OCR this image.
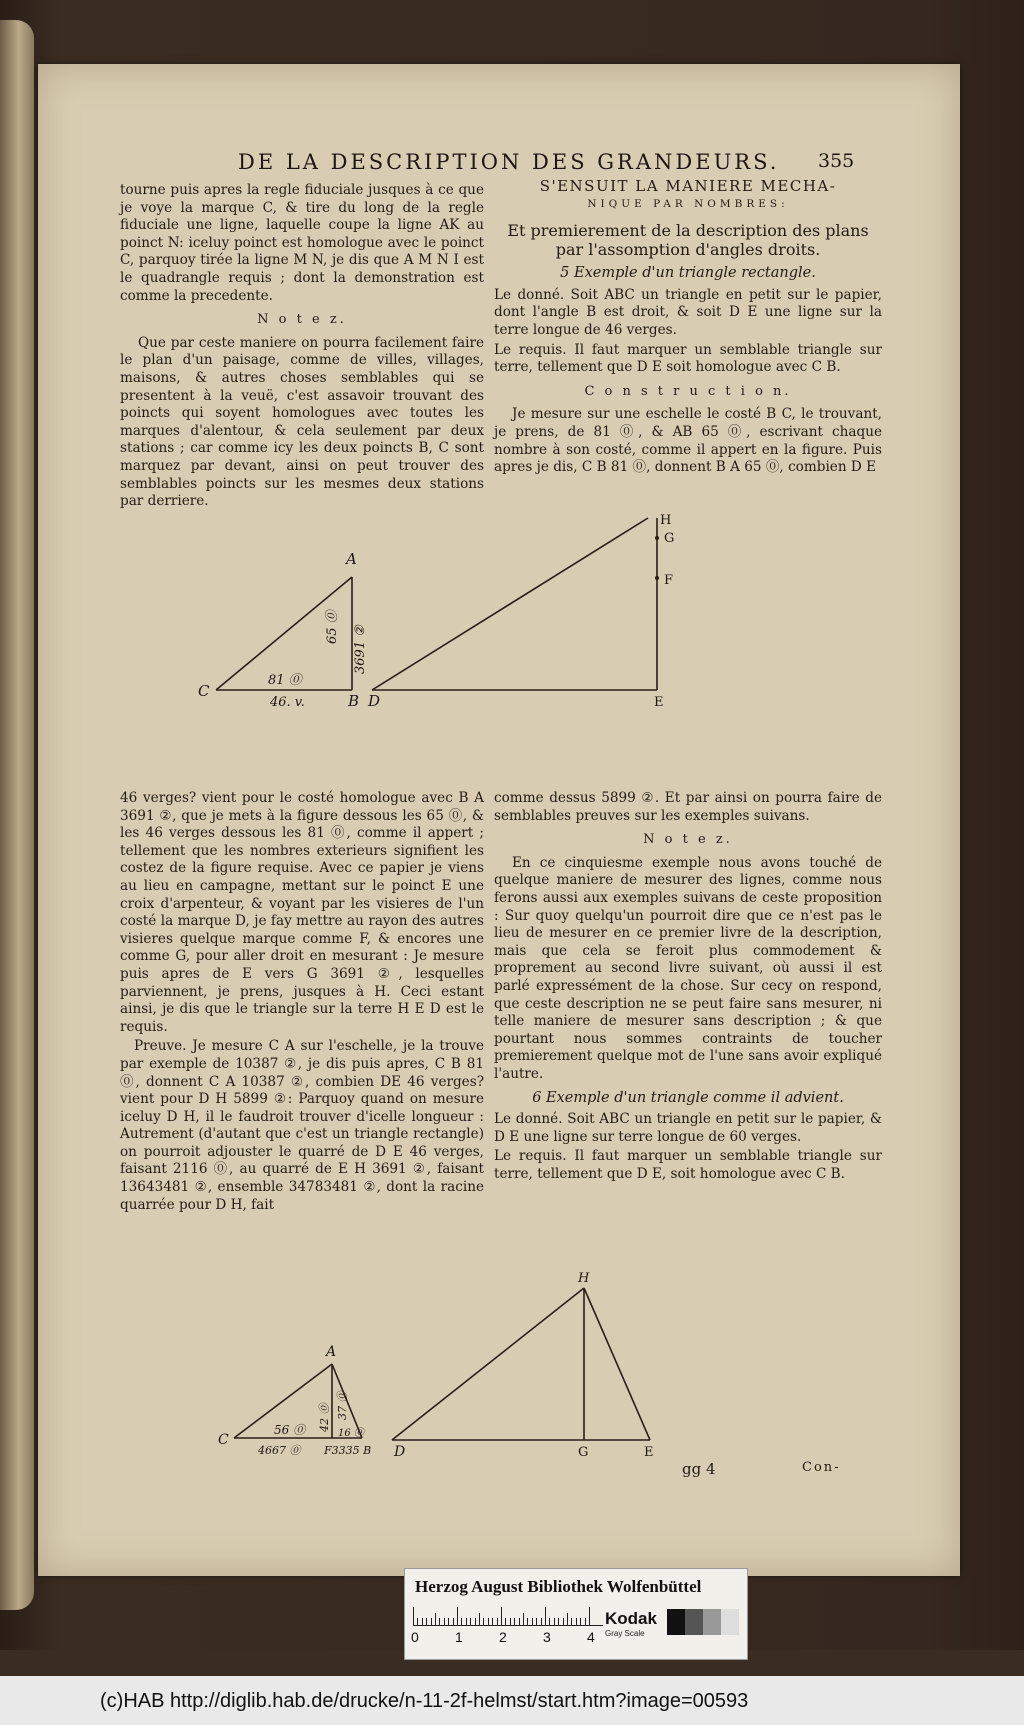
DE LA DESCRIPTION DES GRANDEURS. 355

tourne puis apres la regle fiduciale jusques à ce que je voye la marque C, & tire du long de la regle fiduciale une ligne, laquelle coupe la ligne AK au poinct N: iceluy poinct est homologue avec le poinct C, parquoy tirée la ligne M N, je dis que A M N I est le quadrangle requis ; dont la demonstration est comme la precedente.

N o t e z.

Que par ceste maniere on pourra facilement faire le plan d'un paisage, comme de villes, villages, maisons, & autres choses semblables qui se presentent à la veuë, c'est assavoir trouvant des poincts qui soyent homologues avec toutes les marques d'alentour, & cela seulement par deux stations ; car comme icy les deux poincts B, C sont marquez par devant, ainsi on peut trouver des semblables poincts sur les mesmes deux stations par derriere.

S'ENSUIT LA MANIERE MECHA-

NIQUE PAR NOMBRES:

Et premierement de la description des plans par l'assomption d'angles droits.

5 Exemple d'un triangle rectangle.

Le donné. Soit ABC un triangle en petit sur le papier, dont l'angle B est droit, & soit D E une ligne sur la terre longue de 46 verges.

Le requis. Il faut marquer un semblable triangle sur terre, tellement que D E soit homologue avec C B.

C o n s t r u c t i o n.

Je mesure sur une eschelle le costé B C, le trouvant, je prens, de 81 ⓪, & AB 65 ⓪, escrivant chaque nombre à son costé, comme il appert en la figure. Puis apres je dis, C B 81 ⓪, donnent B A 65 ⓪, combien D E

A
B
C
D	E
F
G
H
81 ⓪
65 ⓪ 3691 ②
46. v.

46 verges? vient pour le costé homologue avec B A 3691 ②, que je mets à la figure dessous les 65 ⓪, & les 46 verges dessous les 81 ⓪, comme il appert ; tellement que les nombres exterieurs signifient les costez de la figure requise. Avec ce papier je viens au lieu en campagne, mettant sur le poinct E une croix d'arpenteur, & voyant par les visieres de l'un costé la marque D, je fay mettre au rayon des autres visieres quelque marque comme F, & encores une comme G, pour aller droit en mesurant : Je mesure puis apres de E vers G 3691 ②, lesquelles parviennent, je prens, jusques à H. Ceci estant ainsi, je dis que le triangle sur la terre H E D est le requis.

Preuve. Je mesure C A sur l'eschelle, je la trouve par exemple de 10387 ②, je dis puis apres, C B 81 ⓪, donnent C A 10387 ②, combien DE 46 verges? vient pour D H 5899 ②: Parquoy quand on mesure iceluy D H, il le faudroit trouver d'icelle longueur : Autrement (d'autant que c'est un triangle rectangle) on pourroit adjouster le quarré de D E 46 verges, faisant 2116 ⓪, au quarré de E H 3691 ②, faisant 13643481 ②, ensemble 34783481 ②, dont la racine quarrée pour D H, fait

comme dessus 5899 ②. Et par ainsi on pourra faire de semblables preuves sur les exemples suivans.

N o t e z.

En ce cinquiesme exemple nous avons touché de quelque maniere de mesurer des lignes, comme nous ferons aussi aux exemples suivans de ceste proposition : Sur quoy quelqu'un pourroit dire que ce n'est pas le lieu de mesurer en ce premier livre de la description, mais que cela se feroit plus commodement & proprement au second livre suivant, où aussi il est parlé expressément de la chose. Sur cecy on respond, que ceste description ne se peut faire sans mesurer, ni telle maniere de mesurer sans description ; & que pourtant nous sommes contraints de toucher premierement quelque mot de l'une sans avoir expliqué l'autre.

6 Exemple d'un triangle comme il advient.

Le donné. Soit ABC un triangle en petit sur le papier, & D E une ligne sur terre longue de 60 verges.

Le requis. Il faut marquer un semblable triangle sur terre, tellement que D E, soit homologue avec C B.

A
C
D	E
G
H
56 ⓪ 42 ⓪ 37 ⓪
16 ⓪
4667 ⓪ F3335 B
gg 4	Con-
Herzog August Bibliothek Wolfenbüttel
0	1	2	3	4
Kodak
Gray Scale
(c)HAB http://diglib.hab.de/drucke/n-11-2f-helmst/start.htm?image=00593
